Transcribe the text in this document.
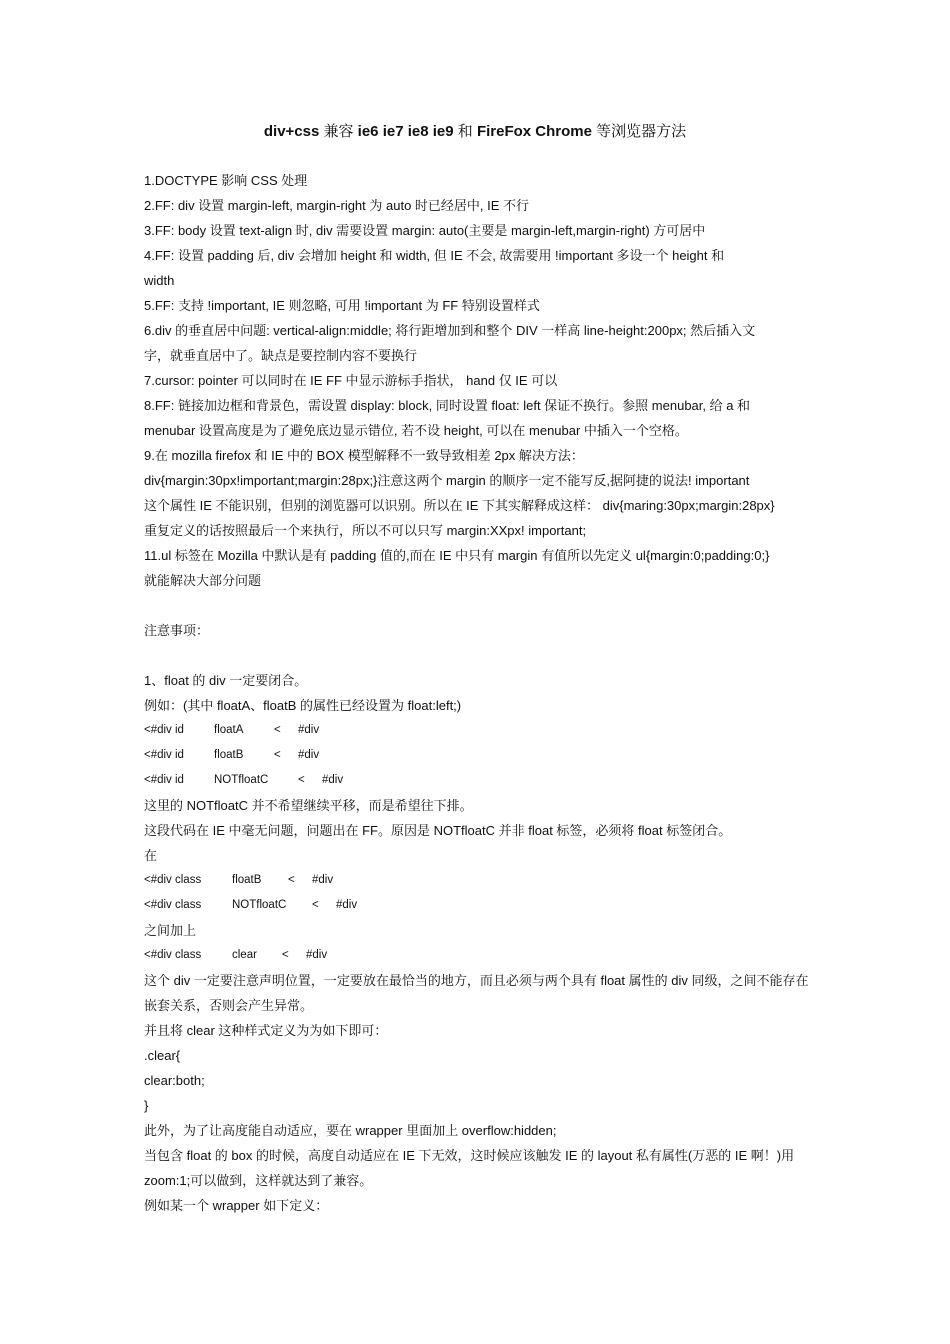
div+css 兼容 ie6 ie7 ie8 ie9 和 FireFox Chrome 等浏览器方法

1.DOCTYPE 影响 CSS 处理

2.FF: div 设置 margin-left, margin-right 为 auto 时已经居中, IE 不行

3.FF: body 设置 text-align 时, div 需要设置 margin: auto(主要是 margin-left,margin-right) 方可居中

4.FF: 设置 padding 后, div 会增加 height 和 width, 但 IE 不会, 故需要用 !important 多设一个 height 和

width

5.FF: 支持 !important, IE 则忽略, 可用 !important 为 FF 特别设置样式

6.div 的垂直居中问题: vertical-align:middle; 将行距增加到和整个 DIV 一样高 line-height:200px; 然后插入文

字，就垂直居中了。缺点是要控制内容不要换行

7.cursor: pointer 可以同时在 IE FF 中显示游标手指状， hand 仅 IE 可以

8.FF: 链接加边框和背景色，需设置 display: block, 同时设置 float: left 保证不换行。参照 menubar, 给 a 和

menubar 设置高度是为了避免底边显示错位, 若不设 height, 可以在 menubar 中插入一个空格。

9.在 mozilla firefox 和 IE 中的 BOX 模型解释不一致导致相差 2px 解决方法：

div{margin:30px!important;margin:28px;}注意这两个 margin 的顺序一定不能写反,据阿捷的说法! important

这个属性 IE 不能识别，但别的浏览器可以识别。所以在 IE 下其实解释成这样： div{maring:30px;margin:28px}

重复定义的话按照最后一个来执行，所以不可以只写 margin:XXpx! important;

11.ul 标签在 Mozilla 中默认是有 padding 值的,而在 IE 中只有 margin 有值所以先定义 ul{margin:0;padding:0;}

就能解决大部分问题

注意事项：

1、float 的 div 一定要闭合。

例如：(其中 floatA、floatB 的属性已经设置为 float:left;)

<#div id	floatA	< #div

<#div id	floatB	< #div

<#div id	NOTfloatC	< #div

这里的 NOTfloatC 并不希望继续平移，而是希望往下排。

这段代码在 IE 中毫无问题，问题出在 FF。原因是 NOTfloatC 并非 float 标签，必须将 float 标签闭合。

在

<#div class	floatB < #div

<#div class	NOTfloatC < #div

之间加上

<#div class	clear < #div

这个 div 一定要注意声明位置，一定要放在最恰当的地方，而且必须与两个具有 float 属性的 div 同级，之间不能存在

嵌套关系，否则会产生异常。

并且将 clear 这种样式定义为为如下即可：

.clear{

clear:both;

}

此外，为了让高度能自动适应，要在 wrapper 里面加上 overflow:hidden;

当包含 float 的 box 的时候，高度自动适应在 IE 下无效，这时候应该触发 IE 的 layout 私有属性(万恶的 IE 啊！)用

zoom:1;可以做到，这样就达到了兼容。

例如某一个 wrapper 如下定义：
